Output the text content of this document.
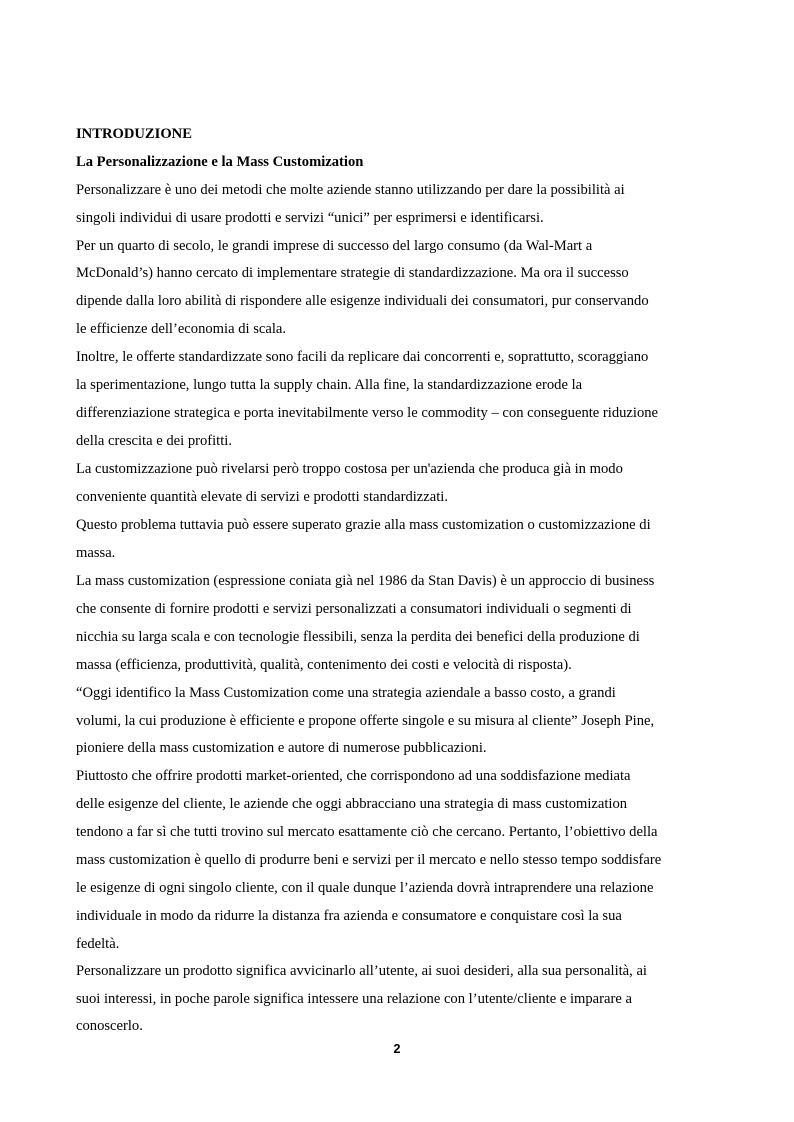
INTRODUZIONE
La Personalizzazione e la Mass Customization
Personalizzare è uno dei metodi che molte aziende stanno utilizzando per dare la possibilità ai
singoli individui di usare prodotti e servizi “unici” per esprimersi e identificarsi.
Per un quarto di secolo, le grandi imprese di successo del largo consumo (da Wal-Mart a
McDonald’s) hanno cercato di implementare strategie di standardizzazione. Ma ora il successo
dipende dalla loro abilità di rispondere alle esigenze individuali dei consumatori, pur conservando
le efficienze dell’economia di scala.
Inoltre, le offerte standardizzate sono facili da replicare dai concorrenti e, soprattutto, scoraggiano
la sperimentazione, lungo tutta la supply chain. Alla fine, la standardizzazione erode la
differenziazione strategica e porta inevitabilmente verso le commodity – con conseguente riduzione
della crescita e dei profitti.
La customizzazione può rivelarsi però troppo costosa per un'azienda che produca già in modo
conveniente quantità elevate di servizi e prodotti standardizzati.
Questo problema tuttavia può essere superato grazie alla mass customization o customizzazione di
massa.
La mass customization (espressione coniata già nel 1986 da Stan Davis) è un approccio di business
che consente di fornire prodotti e servizi personalizzati a consumatori individuali o segmenti di
nicchia su larga scala e con tecnologie flessibili, senza la perdita dei benefici della produzione di
massa (efficienza, produttività, qualità, contenimento dei costi e velocità di risposta).
“Oggi identifico la Mass Customization come una strategia aziendale a basso costo, a grandi
volumi, la cui produzione è efficiente e propone offerte singole e su misura al cliente” Joseph Pine,
pioniere della mass customization e autore di numerose pubblicazioni.
Piuttosto che offrire prodotti market-oriented, che corrispondono ad una soddisfazione mediata
delle esigenze del cliente, le aziende che oggi abbracciano una strategia di mass customization
tendono a far sì che tutti trovino sul mercato esattamente ciò che cercano. Pertanto, l’obiettivo della
mass customization è quello di produrre beni e servizi per il mercato e nello stesso tempo soddisfare
le esigenze di ogni singolo cliente, con il quale dunque l’azienda dovrà intraprendere una relazione
individuale in modo da ridurre la distanza fra azienda e consumatore e conquistare così la sua
fedeltà.
Personalizzare un prodotto significa avvicinarlo all’utente, ai suoi desideri, alla sua personalità, ai
suoi interessi, in poche parole significa intessere una relazione con l’utente/cliente e imparare a
conoscerlo.
2
